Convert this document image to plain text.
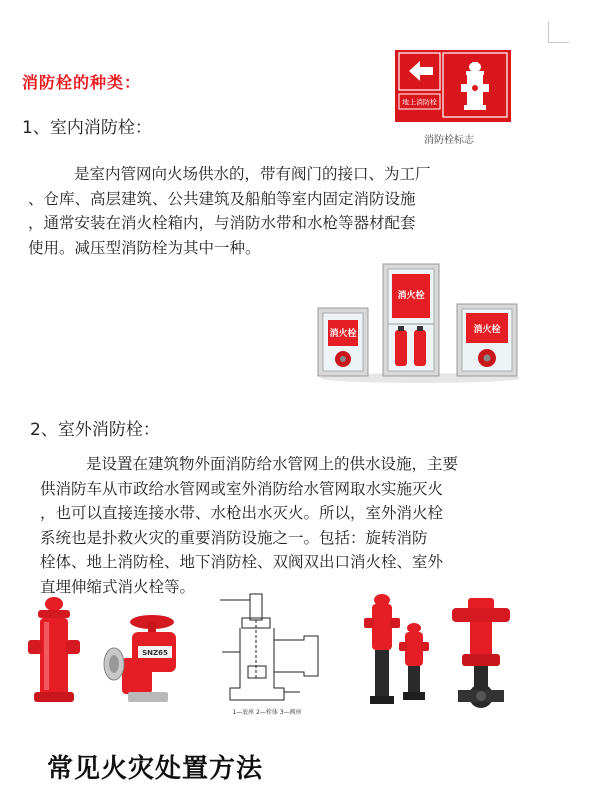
消防栓的种类：
地上消防栓
消防栓标志
1、室内消防栓：
是室内管网向火场供水的，带有阀门的接口、为工厂
、仓库、高层建筑、公共建筑及船舶等室内固定消防设施
，通常安装在消火栓箱内，与消防水带和水枪等器材配套
使用。减压型消防栓为其中一种。
消火栓
消火栓
消火栓
2、室外消防栓：
是设置在建筑物外面消防给水管网上的供水设施，主要
供消防车从市政给水管网或室外消防给水管网取水实施灭火
，也可以直接连接水带、水枪出水灭火。所以，室外消火栓
系统也是扑救火灾的重要消防设施之一。包括：旋转消防
栓体、地上消防栓、地下消防栓、双阀双出口消火栓、室外
直埋伸缩式消火栓等。
SNZ65
1—底座 2—栓体 3—阀座
常见火灾处置方法
